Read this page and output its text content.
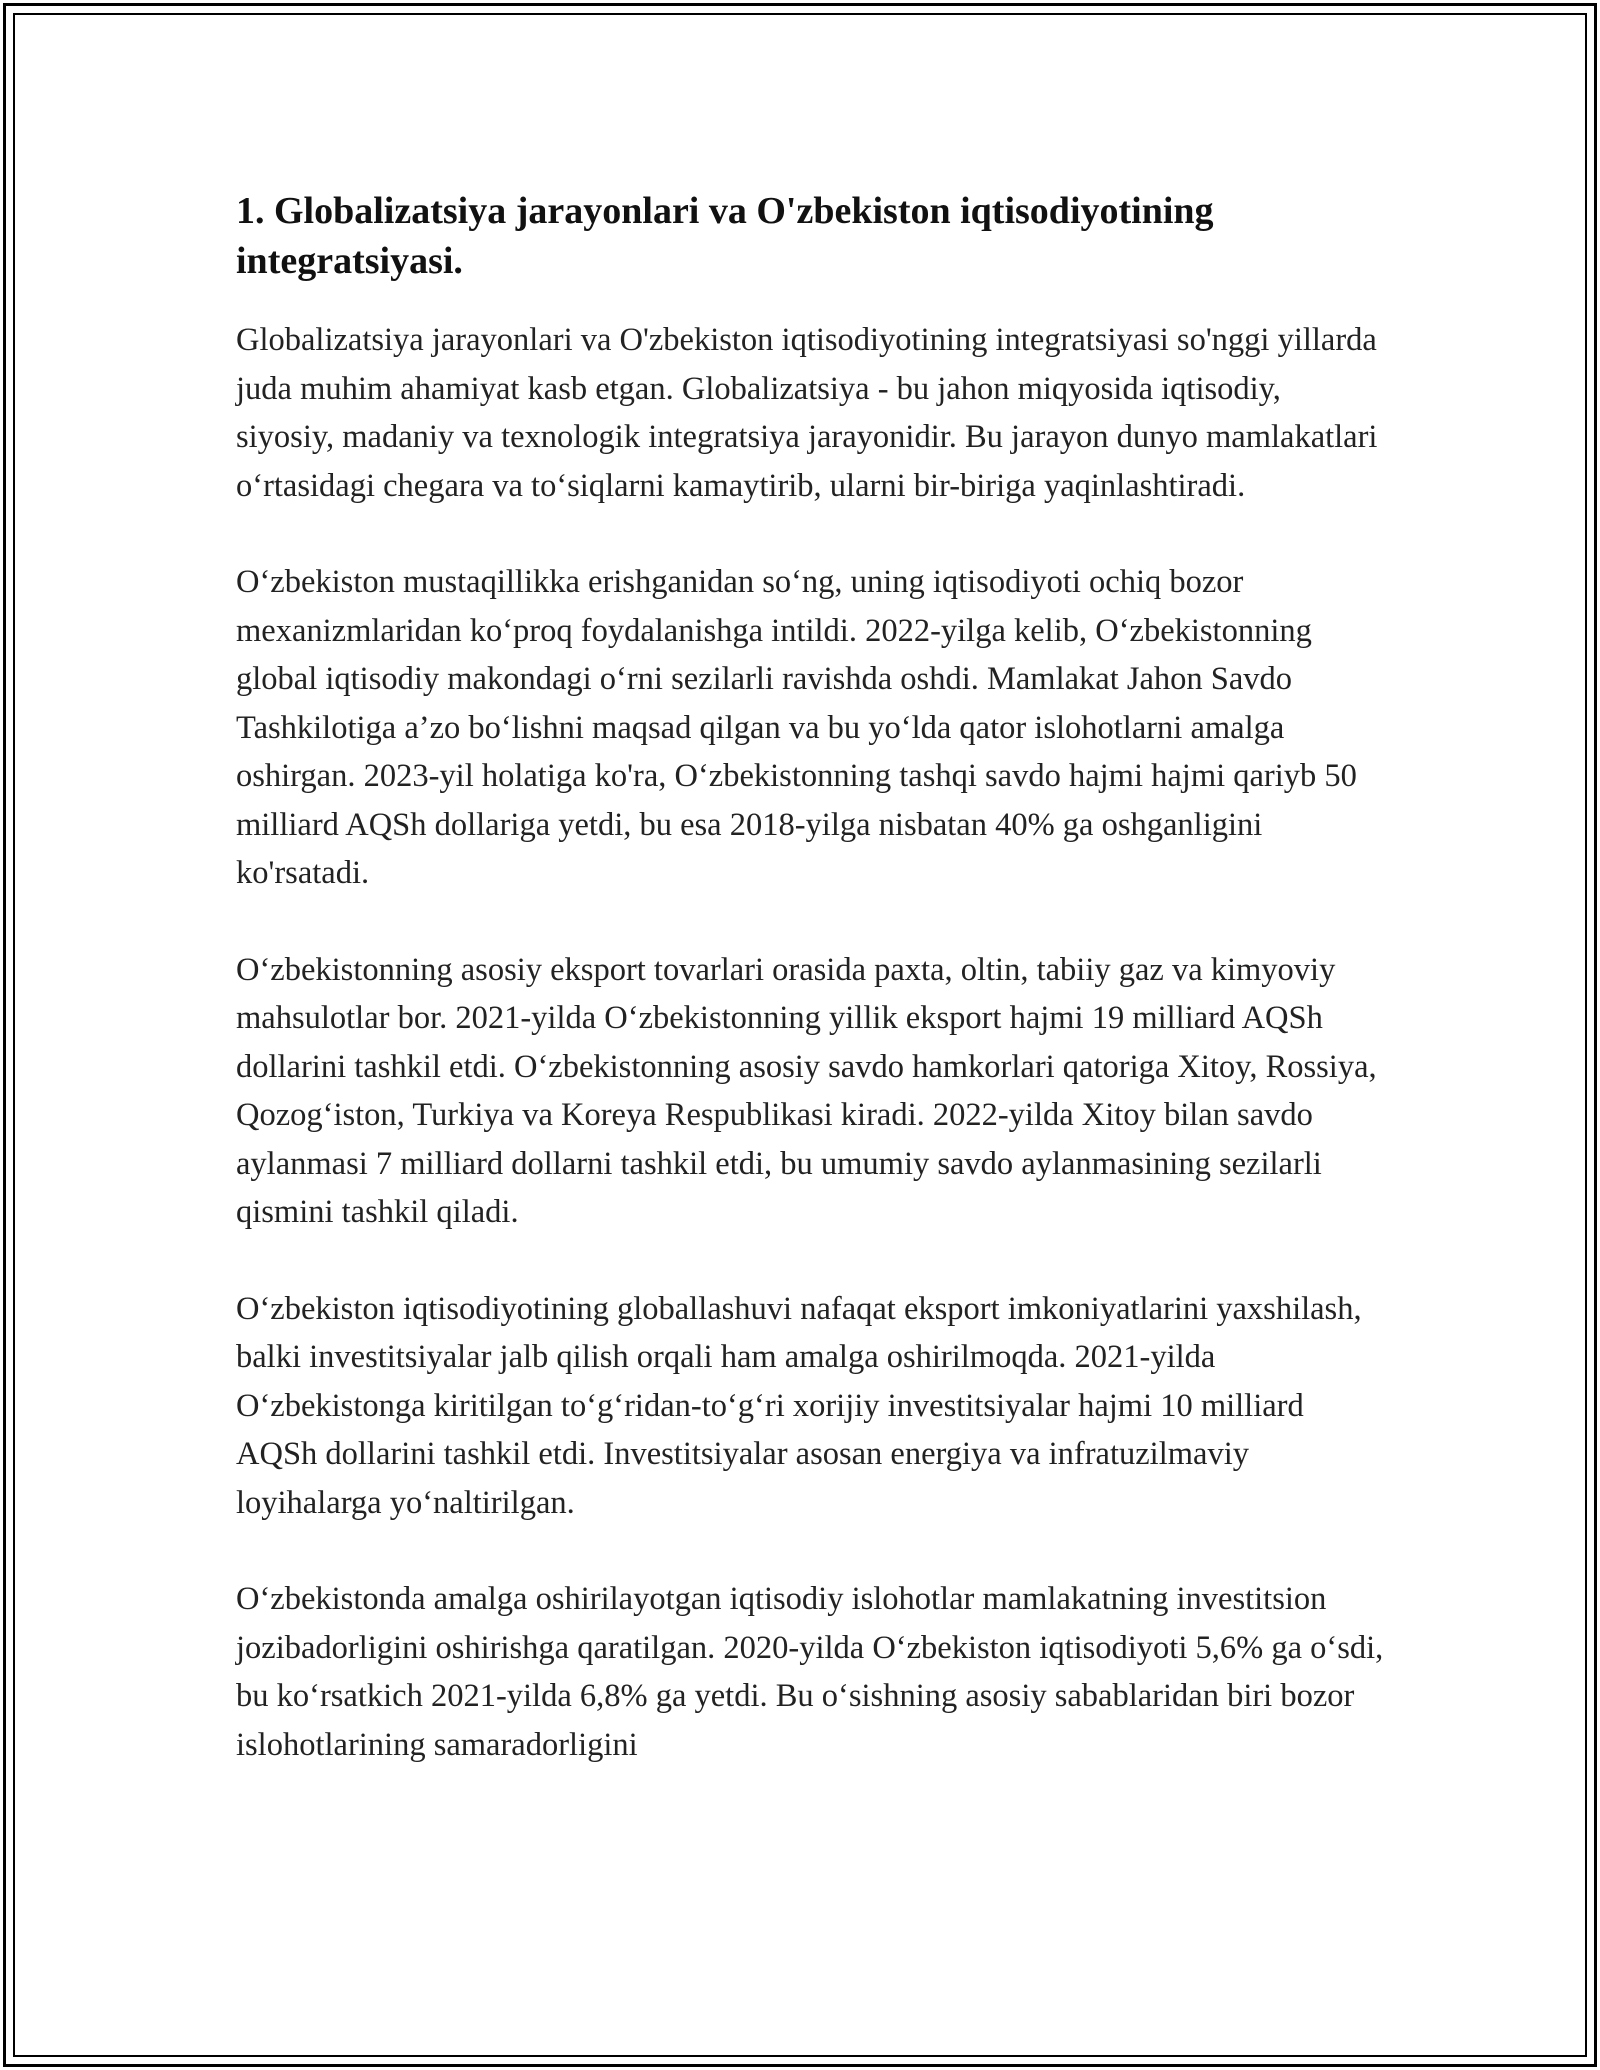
1. Globalizatsiya jarayonlari va O'zbekiston iqtisodiyotining integratsiyasi.

Globalizatsiya jarayonlari va O'zbekiston iqtisodiyotining integratsiyasi so'nggi yillarda juda muhim ahamiyat kasb etgan. Globalizatsiya - bu jahon miqyosida iqtisodiy, siyosiy, madaniy va texnologik integratsiya jarayonidir. Bu jarayon dunyo mamlakatlari o‘rtasidagi chegara va to‘siqlarni kamaytirib, ularni bir-biriga yaqinlashtiradi.

O‘zbekiston mustaqillikka erishganidan so‘ng, uning iqtisodiyoti ochiq bozor mexanizmlaridan ko‘proq foydalanishga intildi. 2022-yilga kelib, O‘zbekistonning global iqtisodiy makondagi o‘rni sezilarli ravishda oshdi. Mamlakat Jahon Savdo Tashkilotiga a’zo bo‘lishni maqsad qilgan va bu yo‘lda qator islohotlarni amalga oshirgan. 2023-yil holatiga ko'ra, O‘zbekistonning tashqi savdo hajmi hajmi qariyb 50 milliard AQSh dollariga yetdi, bu esa 2018-yilga nisbatan 40% ga oshganligini ko'rsatadi.

O‘zbekistonning asosiy eksport tovarlari orasida paxta, oltin, tabiiy gaz va kimyoviy mahsulotlar bor. 2021-yilda O‘zbekistonning yillik eksport hajmi 19 milliard AQSh dollarini tashkil etdi. O‘zbekistonning asosiy savdo hamkorlari qatoriga Xitoy, Rossiya, Qozog‘iston, Turkiya va Koreya Respublikasi kiradi. 2022-yilda Xitoy bilan savdo aylanmasi 7 milliard dollarni tashkil etdi, bu umumiy savdo aylanmasining sezilarli qismini tashkil qiladi.

O‘zbekiston iqtisodiyotining globallashuvi nafaqat eksport imkoniyatlarini yaxshilash, balki investitsiyalar jalb qilish orqali ham amalga oshirilmoqda. 2021-yilda O‘zbekistonga kiritilgan to‘g‘ridan-to‘g‘ri xorijiy investitsiyalar hajmi 10 milliard AQSh dollarini tashkil etdi. Investitsiyalar asosan energiya va infratuzilmaviy loyihalarga yo‘naltirilgan.

O‘zbekistonda amalga oshirilayotgan iqtisodiy islohotlar mamlakatning investitsion jozibadorligini oshirishga qaratilgan. 2020-yilda O‘zbekiston iqtisodiyoti 5,6% ga o‘sdi, bu ko‘rsatkich 2021-yilda 6,8% ga yetdi. Bu o‘sishning asosiy sabablaridan biri bozor islohotlarining samaradorligini
